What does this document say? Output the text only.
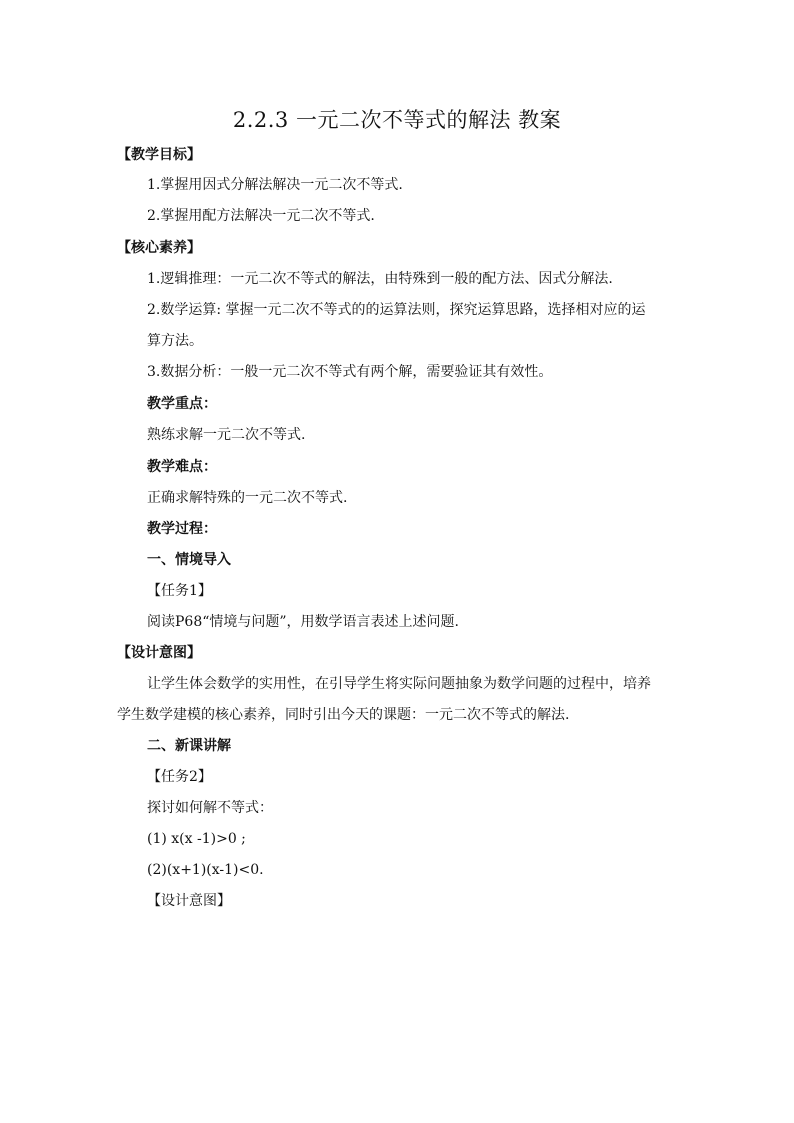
2.2.3 一元二次不等式的解法 教案
【教学目标】
1.掌握用因式分解法解决一元二次不等式.
2.掌握用配方法解决一元二次不等式.
【核心素养】
1.逻辑推理：一元二次不等式的解法，由特殊到一般的配方法、因式分解法.
2.数学运算: 掌握一元二次不等式的的运算法则，探究运算思路，选择相对应的运
算方法。
3.数据分析：一般一元二次不等式有两个解，需要验证其有效性。
教学重点：
熟练求解一元二次不等式.
教学难点：
正确求解特殊的一元二次不等式.
教学过程：
一、情境导入
【任务1】
阅读P68“情境与问题”，用数学语言表述上述问题.
【设计意图】
让学生体会数学的实用性，在引导学生将实际问题抽象为数学问题的过程中，培养
学生数学建模的核心素养，同时引出今天的课题：一元二次不等式的解法.
二、新课讲解
【任务2】
探讨如何解不等式：
(1) x(x -1)>0 ;
(2)(x+1)(x-1)<0.
【设计意图】
